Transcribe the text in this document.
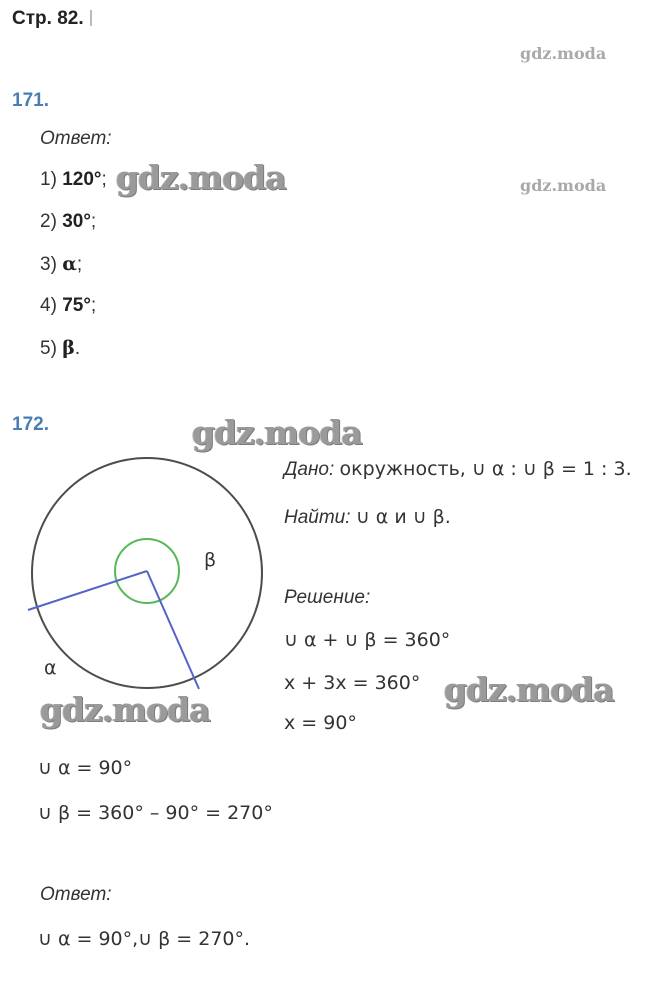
Стр. 82.
gdz.moda
gdz.moda
171.
Ответ:
1) 120°;
2) 30°;
3) α;
4) 75°;
5) β.
gdz.moda
172.	gdz.moda
β
α
gdz.moda
Дано: окружность, ∪ α : ∪ β = 1 : 3.
Найти: ∪ α и ∪ β.
Решение:
∪ α + ∪ β = 360°
x + 3x = 360°
x = 90°
gdz.moda
∪ α = 90°
∪ β = 360° – 90° = 270°
Ответ:
∪ α = 90°,∪ β = 270°.
